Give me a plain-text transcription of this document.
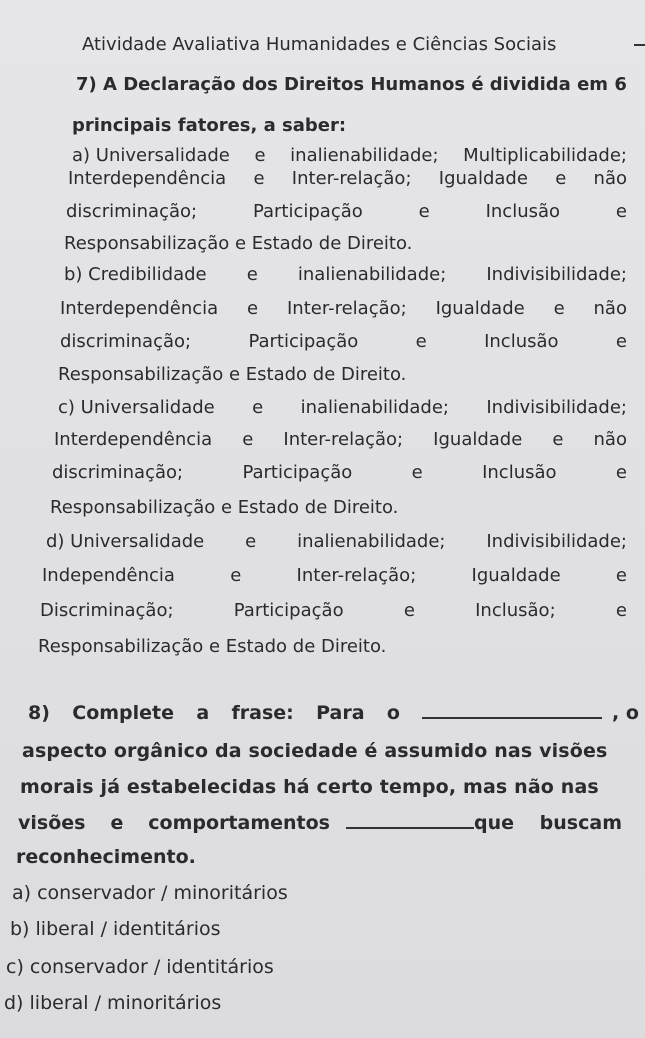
Atividade Avaliativa Humanidades e Ciências Sociais
7) A Declaração dos Direitos Humanos é dividida em 6
principais fatores, a saber:
a) Universalidade e inalienabilidade; Multiplicabilidade;
Interdependência e Inter-relação; Igualdade e não
discriminação;	Participação	e	Inclusão	e
Responsabilização e Estado de Direito.
b) Credibilidade e inalienabilidade; Indivisibilidade;
Interdependência e Inter-relação; Igualdade e não
discriminação;	Participação	e	Inclusão	e
Responsabilização e Estado de Direito.
c) Universalidade e inalienabilidade; Indivisibilidade;
Interdependência e Inter-relação; Igualdade e não
discriminação;	Participação	e	Inclusão	e
Responsabilização e Estado de Direito.
d) Universalidade e inalienabilidade; Indivisibilidade;
Independência	e	Inter-relação;	Igualdade	e
Discriminação;	Participação	e	Inclusão;	e
Responsabilização e Estado de Direito.
8) Complete a frase: Para o	, o
aspecto orgânico da sociedade é assumido nas visões
morais já estabelecidas há certo tempo, mas não nas
visões e comportamentos	que buscam
reconhecimento.
a) conservador / minoritários
b) liberal / identitários
c) conservador / identitários
d) liberal / minoritários
